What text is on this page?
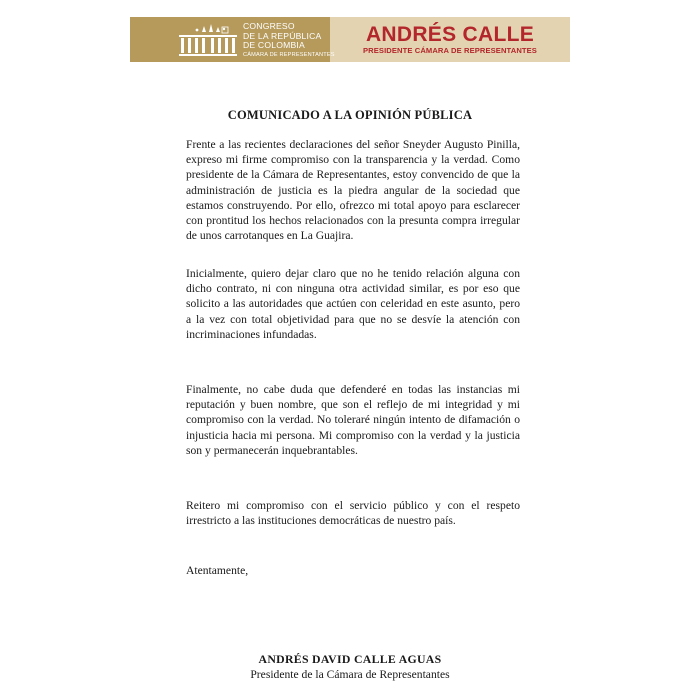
CONGRESO
DE LA REPÚBLICA
DE COLOMBIA
CÁMARA DE REPRESENTANTES
ANDRÉS CALLE
PRESIDENTE CÁMARA DE REPRESENTANTES
COMUNICADO A LA OPINIÓN PÚBLICA

Frente a las recientes declaraciones del señor Sneyder Augusto Pinilla, expreso mi firme compromiso con la transparencia y la verdad. Como presidente de la Cámara de Representantes, estoy convencido de que la administración de justicia es la piedra angular de la sociedad que estamos construyendo. Por ello, ofrezco mi total apoyo para esclarecer con prontitud los hechos relacionados con la presunta compra irregular de unos carrotanques en La Guajira.

Inicialmente, quiero dejar claro que no he tenido relación alguna con dicho contrato, ni con ninguna otra actividad similar, es por eso que solicito a las autoridades que actúen con celeridad en este asunto, pero a la vez con total objetividad para que no se desvíe la atención con incriminaciones infundadas.

Finalmente, no cabe duda que defenderé en todas las instancias mi reputación y buen nombre, que son el reflejo de mi integridad y mi compromiso con la verdad. No toleraré ningún intento de difamación o injusticia hacia mi persona. Mi compromiso con la verdad y la justicia son y permanecerán inquebrantables.

Reitero mi compromiso con el servicio público y con el respeto irrestricto a las instituciones democráticas de nuestro país.

Atentamente,

ANDRÉS DAVID CALLE AGUAS
Presidente de la Cámara de Representantes
